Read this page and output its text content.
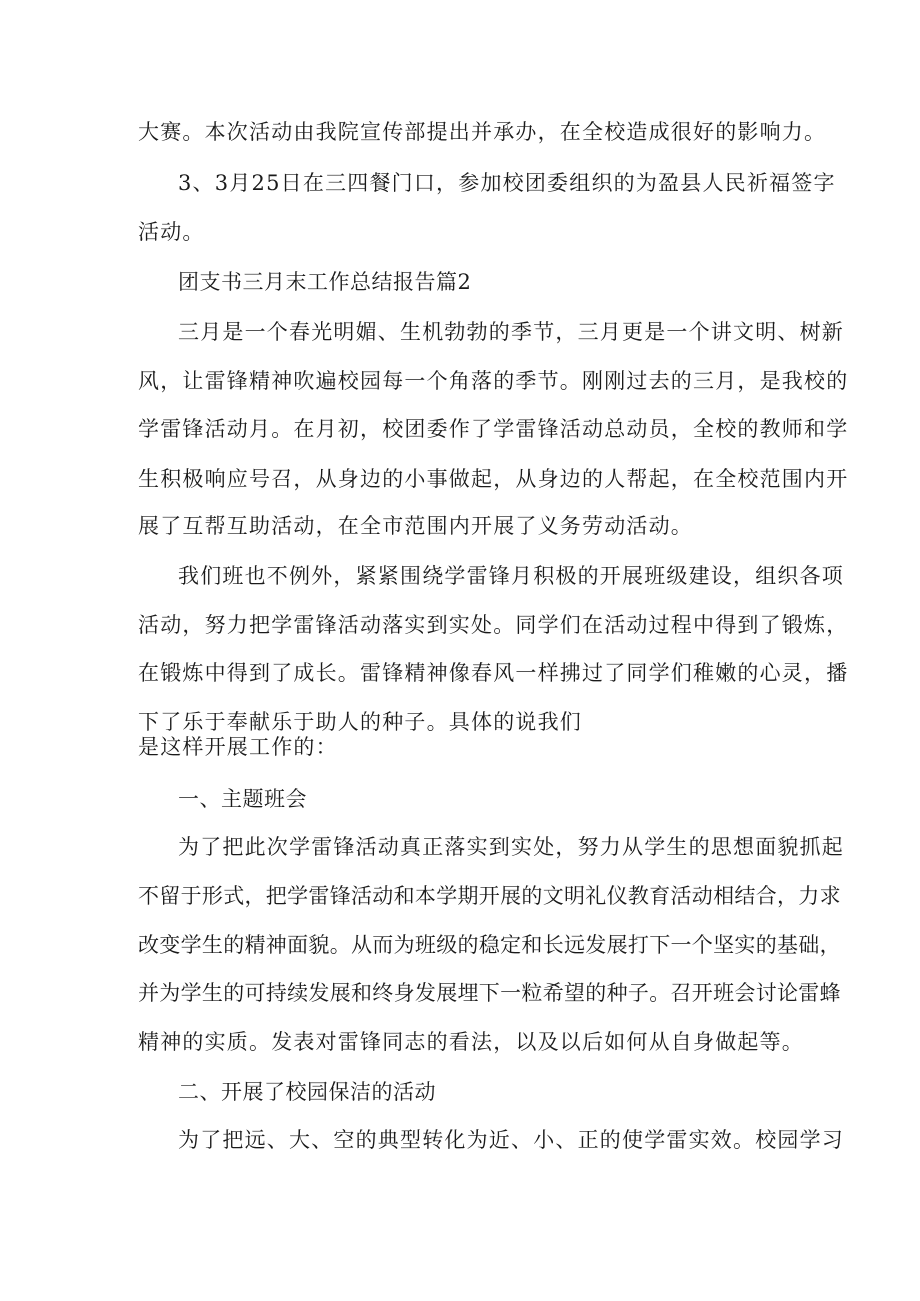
大赛。本次活动由我院宣传部提出并承办，在全校造成很好的影响力。
3、3月25日在三四餐门口，参加校团委组织的为盈县人民祈福签字
活动。
团支书三月末工作总结报告篇2
三月是一个春光明媚、生机勃勃的季节，三月更是一个讲文明、树新
风，让雷锋精神吹遍校园每一个角落的季节。刚刚过去的三月，是我校的
学雷锋活动月。在月初，校团委作了学雷锋活动总动员，全校的教师和学
生积极响应号召，从身边的小事做起，从身边的人帮起，在全校范围内开
展了互帮互助活动，在全市范围内开展了义务劳动活动。
我们班也不例外，紧紧围绕学雷锋月积极的开展班级建设，组织各项
活动，努力把学雷锋活动落实到实处。同学们在活动过程中得到了锻炼，
在锻炼中得到了成长。雷锋精神像春风一样拂过了同学们稚嫩的心灵，播
下了乐于奉献乐于助人的种子。具体的说我们
是这样开展工作的：
一、主题班会
为了把此次学雷锋活动真正落实到实处，努力从学生的思想面貌抓起
不留于形式，把学雷锋活动和本学期开展的文明礼仪教育活动相结合，力求
改变学生的精神面貌。从而为班级的稳定和长远发展打下一个坚实的基础，
并为学生的可持续发展和终身发展埋下一粒希望的种子。召开班会讨论雷蜂
精神的实质。发表对雷锋同志的看法，以及以后如何从自身做起等。
二、开展了校园保洁的活动
为了把远、大、空的典型转化为近、小、正的使学雷实效。校园学习
